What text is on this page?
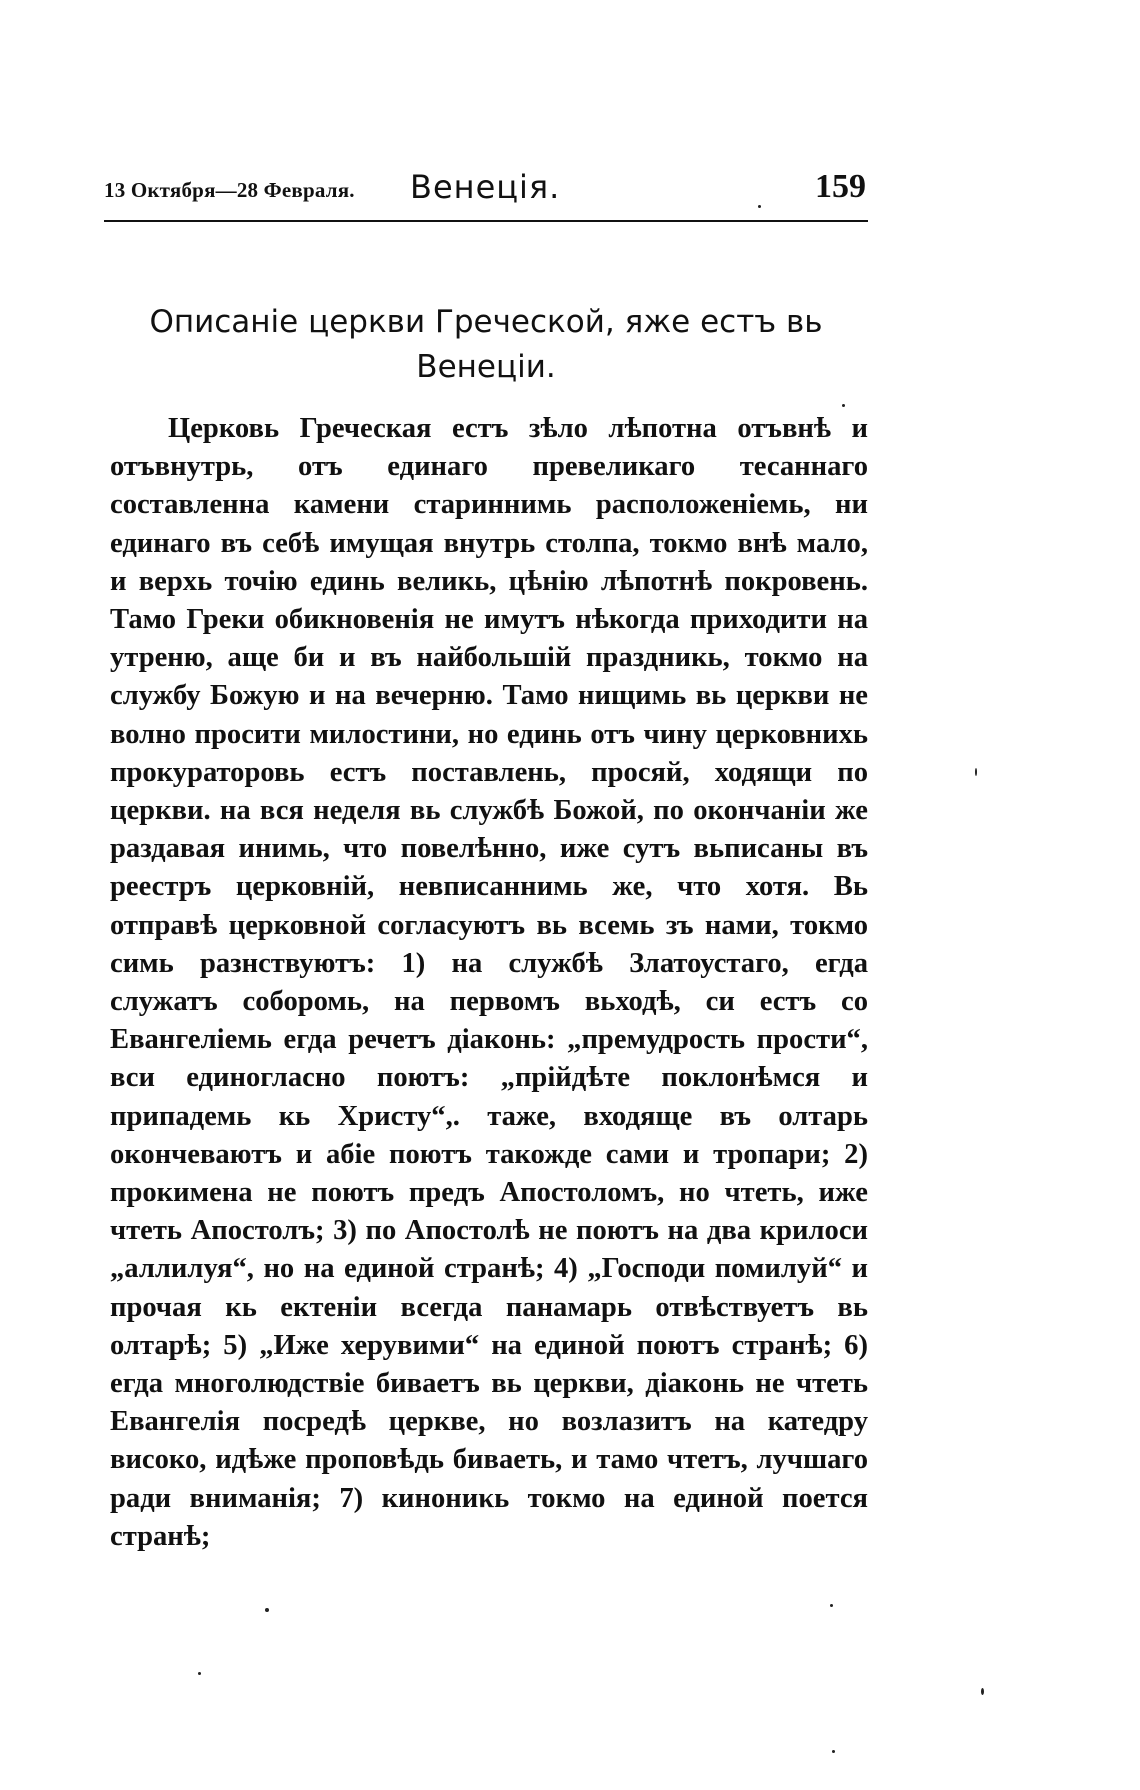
13 Октября—28 Февраля. Венеція.	159
Описаніе церкви Греческой, яже естъ вь Венеціи.

Церковь Греческая естъ зѣло лѣпотна отъвнѣ и отъвнутрь, отъ единаго превеликаго тесаннаго составленна камени стариннимь расположеніемь, ни единаго въ себѣ имущая внутрь столпа, токмо внѣ мало, и верхь точію единь великь, цѣнію лѣпотнѣ покровень. Тамо Греки обикновенія не имутъ нѣкогда приходити на утреню, аще би и въ найбольшій праздникь, токмо на службу Божую и на вечерню. Тамо нищимь вь церкви не волно просити милостини, но единь отъ чину церковнихь прокураторовь естъ поставлень, просяй, ходящи по церкви. на вся неделя вь службѣ Божой, по окончаніи же раздавая инимь, что повелѣнно, иже сутъ вьписаны въ реестръ церковній, невписаннимь же, что хотя. Вь отправѣ церковной согласуютъ вь всемь зъ нами, токмо симь разнствуютъ: 1) на службѣ Златоустаго, егда служатъ соборомь, на первомъ вьходѣ, си естъ со Евангеліемь егда речетъ діаконь: „премудрость прости“, вси единогласно поютъ: „прійдѣте поклонѣмся и припадемь кь Христу“,. таже, входяще въ олтарь окончеваютъ и абіе поютъ такожде сами и тропари; 2) прокимена не поютъ предъ Апостоломъ, но чтеть, иже чтеть Апостолъ; 3) по Апостолѣ не поютъ на два крилоси „аллилуя“, но на единой странѣ; 4) „Господи помилуй“ и прочая кь ектеніи всегда панамарь отвѣствуетъ вь олтарѣ; 5) „Иже херувими“ на единой поютъ странѣ; 6) егда многолюдствіе биваетъ вь церкви, діаконь не чтеть Евангелія посредѣ церкве, но возлазитъ на катедру високо, идѣже проповѣдь биваеть, и тамо чтетъ, лучшаго ради вниманія; 7) кинониκь токмо на единой поется странѣ;
